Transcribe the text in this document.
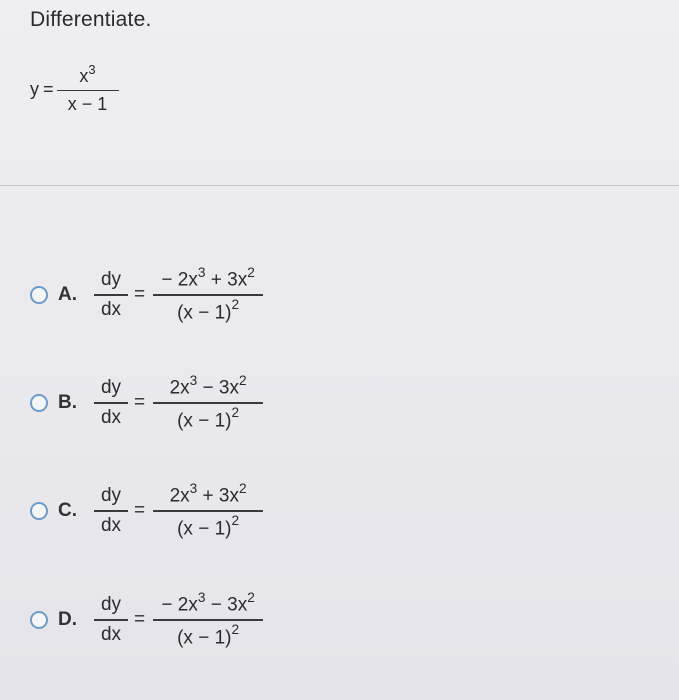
Differentiate.
$y = \frac{x^3}{x - 1}$
A.	$\frac{dy}{dx} = \frac{- 2x^3 + 3x^2}{(x - 1)^2}$
B.	$\frac{dy}{dx} = \frac{2x^3 - 3x^2}{(x - 1)^2}$
C.	$\frac{dy}{dx} = \frac{2x^3 + 3x^2}{(x - 1)^2}$
D.	$\frac{dy}{dx} = \frac{- 2x^3 - 3x^2}{(x - 1)^2}$
